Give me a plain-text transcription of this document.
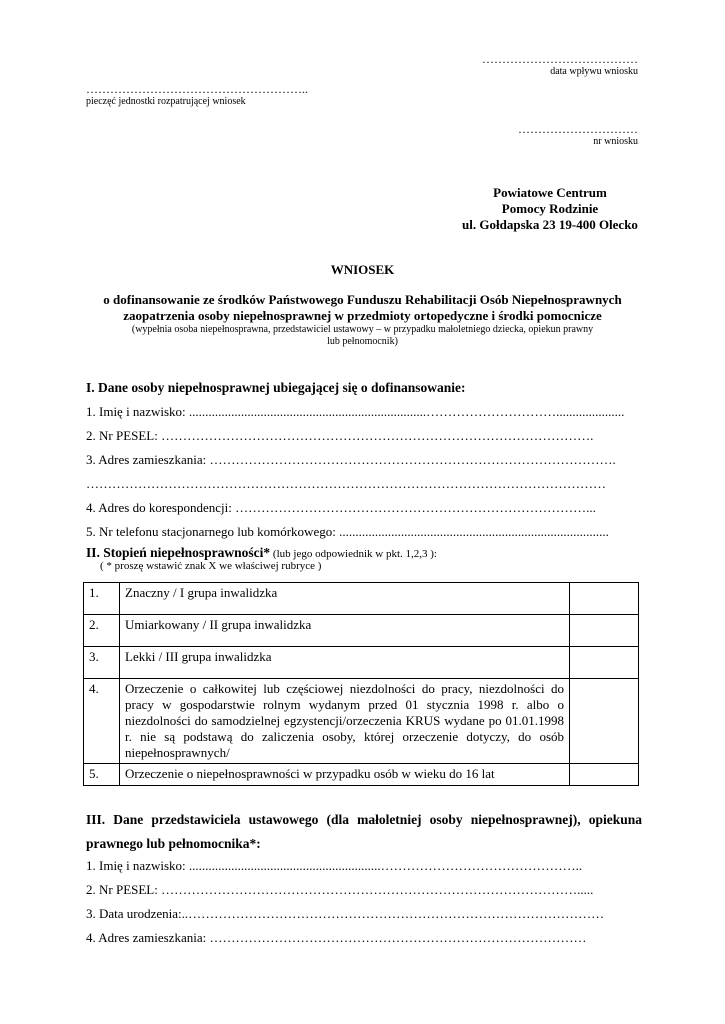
…………………………………
data wpływu wniosku
………………………………………………..
pieczęć jednostki rozpatrującej wniosek
…………………………
nr wniosku
Powiatowe Centrum
Pomocy Rodzinie
ul. Gołdapska 23 19-400 Olecko
WNIOSEK
o dofinansowanie ze środków Państwowego Funduszu Rehabilitacji Osób Niepełnosprawnych
zaopatrzenia osoby niepełnosprawnej w przedmioty ortopedyczne i środki pomocnicze
(wypełnia osoba niepełnosprawna, przedstawiciel ustawowy – w przypadku małoletniego dziecka, opiekun prawny
lub pełnomocnik)
I. Dane osoby niepełnosprawnej ubiegającej się o dofinansowanie:
1. Imię i nazwisko: .........................................................................………………………….....................
2. Nr PESEL: ……………………………………………………………………………………….
3. Adres zamieszkania: ………………………………………………………………………………….
…………………………………………………………………………………………………………
4. Adres do korespondencji: ………………………………………………………………………...
5. Nr telefonu stacjonarnego lub komórkowego: ...................................................................................
II. Stopień niepełnosprawności* (lub jego odpowiednik w pkt. 1,2,3 ):
( * proszę wstawić znak X we właściwej rubryce )
1.	Znaczny / I grupa inwalidzka	
2.	Umiarkowany / II grupa inwalidzka	
3.	Lekki / III grupa inwalidzka	
4.	Orzeczenie o całkowitej lub częściowej niezdolności do pracy, niezdolności do pracy w gospodarstwie rolnym wydanym przed 01 stycznia 1998 r. albo o niezdolności do samodzielnej egzystencji/orzeczenia KRUS wydane po 01.01.1998 r. nie są podstawą do zaliczenia osoby, której orzeczenie dotyczy, do osób niepełnosprawnych/	
5.	Orzeczenie o niepełnosprawności w przypadku osób w wieku do 16 lat	
III. Dane przedstawiciela ustawowego (dla małoletniej osoby niepełnosprawnej), opiekuna
prawnego lub pełnomocnika*:
1. Imię i nazwisko: ...........................................................………………………………………..
2. Nr PESEL: …………………………………………………………………………………….....
3. Data urodzenia:..……………………………………………………………………………………
4. Adres zamieszkania: ……………………………………………………………………………
